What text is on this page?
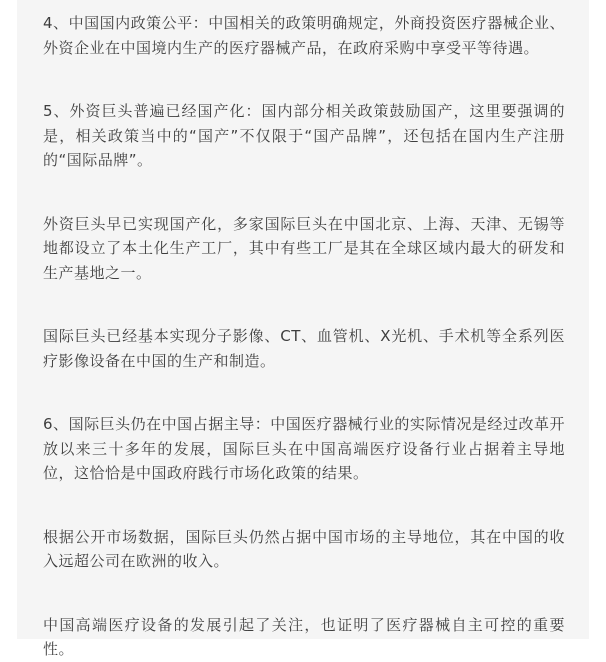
4、中国国内政策公平：中国相关的政策明确规定，外商投资医疗器械企业、外资企业在中国境内生产的医疗器械产品，在政府采购中享受平等待遇。

5、外资巨头普遍已经国产化：国内部分相关政策鼓励国产，这里要强调的是，相关政策当中的“国产”不仅限于“国产品牌”，还包括在国内生产注册的“国际品牌”。

外资巨头早已实现国产化，多家国际巨头在中国北京、上海、天津、无锡等地都设立了本土化生产工厂，其中有些工厂是其在全球区域内最大的研发和生产基地之一。

国际巨头已经基本实现分子影像、CT、血管机、X光机、手术机等全系列医疗影像设备在中国的生产和制造。

6、国际巨头仍在中国占据主导：中国医疗器械行业的实际情况是经过改革开放以来三十多年的发展，国际巨头在中国高端医疗设备行业占据着主导地位，这恰恰是中国政府践行市场化政策的结果。

根据公开市场数据，国际巨头仍然占据中国市场的主导地位，其在中国的收入远超公司在欧洲的收入。

中国高端医疗设备的发展引起了关注，也证明了医疗器械自主可控的重要性。
